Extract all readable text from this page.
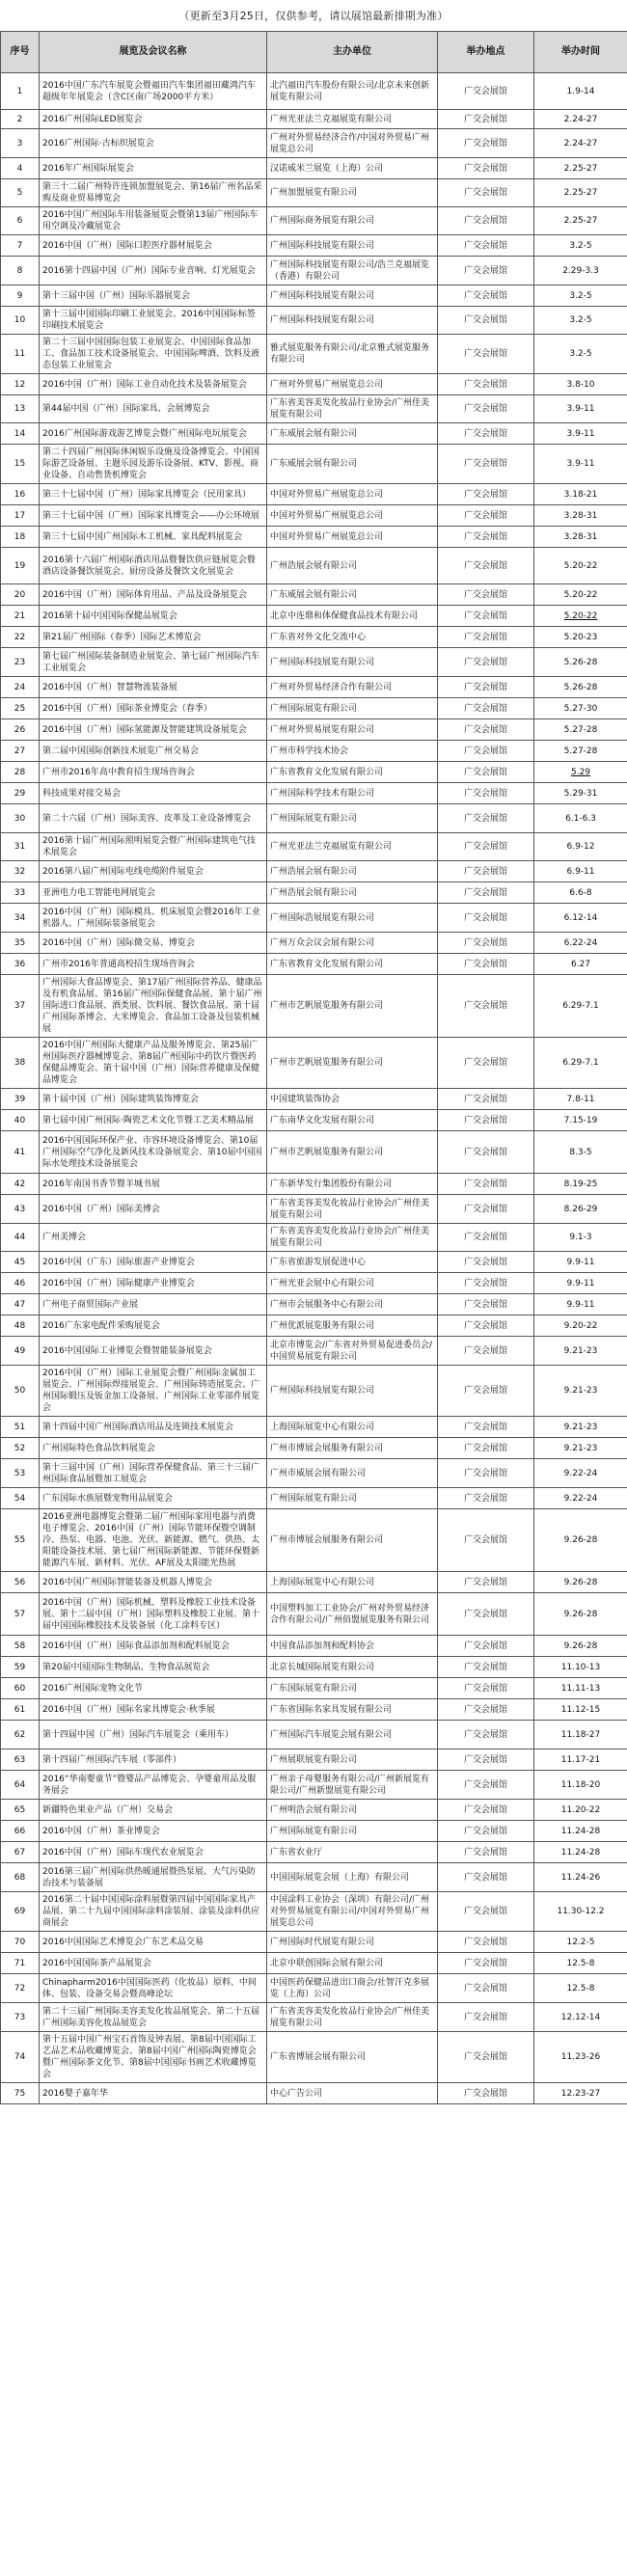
（更新至3月25日，仅供参考，请以展馆最新排期为准）
序号	展览及会议名称	主办单位	举办地点	举办时间
1	2016中国广东汽车展览会暨福田汽车集团福田藏鸿汽车超级年年展览会（含C区南广场2000平方米）	北汽福田汽车股份有限公司/北京未来创新展览有限公司	广交会展馆	1.9-14
2	2016广州国际LED展览会	广州光亚法兰克福展览有限公司	广交会展馆	2.24-27
3	2016广州国际·古标织展览会	广州对外贸易经济合作/中国对外贸易广州展览总公司	广交会展馆	2.24-27
4	2016年广州国际展览会	汉诺威米兰展览（上海）公司	广交会展馆	2.25-27
5	第三十二届广州特许连锁加盟展览会、第16届广州名品采购及商业贸易博览会	广州加盟展览有限公司	广交会展馆	2.25-27
6	2016中国广州国际车用装备展览会暨第13届广州国际车用空调及冷藏展览会	广州国际商务展览有限公司	广交会展馆	2.25-27
7	2016中国（广州）国际口腔医疗器材展览会	广州国际科技展览有限公司	广交会展馆	3.2-5
8	2016第十四届中国（广州）国际专业音响、灯光展览会	广州国际科技展览有限公司/浩兰克福展览（香港）有限公司	广交会展馆	2.29-3.3
9	第十三届中国（广州）国际乐器展览会	广州国际科技展览有限公司	广交会展馆	3.2-5
10	第十三届中国国际印刷工业展览会、2016中国国际标签印刷技术展览会	广州国际科技展览有限公司	广交会展馆	3.2-5
11	第二十三届中国国际包装工业展览会、中国国际食品加工、食品加工技术设备展览会、中国国际啤酒、饮料及液态包装工业展览会	雅式展览服务有限公司/北京雅式展览服务有限公司	广交会展馆	3.2-5
12	2016中国（广州）国际工业自动化技术及装备展览会	广州对外贸易广州展览总公司	广交会展馆	3.8-10
13	第44届中国（广州）国际家具、会展博览会	广东省美容美发化妆品行业协会/广州佳美展览有限公司	广交会展馆	3.9-11
14	2016广州国际游戏游艺博览会暨广州国际电玩展览会	广东威展会展有限公司	广交会展馆	3.9-11
15	第二十四届广州国际休闲娱乐设施及设备博览会、中国国际游艺设备展、主题乐园及游乐设备展、KTV、影视、商业设备、自动售货机博览会	广东威展会展有限公司	广交会展馆	3.9-11
16	第三十七届中国（广州）国际家具博览会（民用家具）	中国对外贸易广州展览总公司	广交会展馆	3.18-21
17	第三十七届中国（广州）国际家具博览会——办公环境展	中国对外贸易广州展览总公司	广交会展馆	3.28-31
18	第三十七届中国广州国际木工机械、家具配料展览会	中国对外贸易广州展览总公司	广交会展馆	3.28-31
19	2016第十六届广州国际酒店用品暨餐饮供应链展览会暨酒店设备餐饮展览会、厨房设备及餐饮文化展览会	广州浩展会展有限公司	广交会展馆	5.20-22
20	2016中国（广州）国际体育用品、产品及设备展览会	广东威展会展有限公司	广交会展馆	5.20-22
21	2016第十届中国国际保健品展览会	北京中连鼎和体保健食品技术有限公司	广交会展馆	5.20-22
22	第21届广州国际（春季）国际艺术博览会	广东省对外文化交流中心	广交会展馆	5.20-23
23	第七届广州国际装备制造业展览会、第七届广州国际汽车工业展览会	广州国际科技展览有限公司	广交会展馆	5.26-28
24	2016中国（广州）智慧物流装备展	广州对外贸易经济合作有限公司	广交会展馆	5.26-28
25	2016中国（广州）国际茶业博览会（春季）	广州国际展览有限公司	广交会展馆	5.27-30
26	2016中国（广州）国际氢能源及智能建筑设备展览会	广州对外贸易展览有限公司	广交会展馆	5.27-28
27	第二届中国国际创新技术展览广州交易会	广州市科学技术协会	广交会展馆	5.27-28
28	广州市2016年高中教育招生现场咨询会	广东省教育文化发展有限公司	广交会展馆	5.29
29	科技成果对接交易会	广州国际科学技术有限公司	广交会展馆	5.29-31
30	第二十六届（广州）国际美容、皮革及工业设备博览会	广州国际展览有限公司	广交会展馆	6.1-6.3
31	2016第十届广州国际照明展览会暨广州国际建筑电气技术展览会	广州光亚法兰克福展览有限公司	广交会展馆	6.9-12
32	2016第八届广州国际电线电缆附件展览会	广州浩展会展有限公司	广交会展馆	6.9-11
33	亚洲电力电工智能电网展览会	广州浩展会展有限公司	广交会展馆	6.6-8
34	2016中国（广州）国际模具、机床展览会暨2016年工业机器人、广州国际装备展览会	广州国际浩展展览有限公司	广交会展馆	6.12-14
35	2016中国（广州）国际微交易、博览会	广州万众会议会展有限公司	广交会展馆	6.22-24
36	广州市2016年普通高校招生现场咨询会	广东省教育文化发展有限公司	广交会展馆	6.27
37	广州国际大食品博览会、第17届广州国际营养品、健康品及有机食品展、第16届广州国际保健食品展、第十届广州国际进口食品展、酒类展、饮料展、餐饮食品展、第十届广州国际茶博会、大米博览会、食品加工设备及包装机械展	广州市艺帆展览服务有限公司	广交会展馆	6.29-7.1
38	2016中国广州国际大健康产品及服务博览会、第25届广州国际医疗器械博览会、第8届广州国际中药饮片暨医药保健品博览会、第十届中国（广州）国际营养健康及保健品博览会	广州市艺帆展览服务有限公司	广交会展馆	6.29-7.1
39	第十届中国（广州）国际建筑装饰博览会	中国建筑装饰协会	广交会展馆	7.8-11
40	第七届中国广州国际·陶瓷艺术文化节暨工艺美术精品展	广东南华文化发展有限公司	广交会展馆	7.15-19
41	2016中国国际环保产业、市容环境设备博览会、第10届广州国际空气净化及新风技术设备展览会、第10届中国国际水处理技术设备展览会	广州市艺帆展览服务有限公司	广交会展馆	8.3-5
42	2016年南国书香节暨羊城书展	广东新华发行集团股份有限公司	广交会展馆	8.19-25
43	2016中国（广州）国际美博会	广东省美容美发化妆品行业协会/广州佳美展览有限公司	广交会展馆	8.26-29
44	广州美博会	广东省美容美发化妆品行业协会/广州佳美展览有限公司	广交会展馆	9.1-3
45	2016中国（广东）国际旅游产业博览会	广东省旅游发展促进中心	广交会展馆	9.9-11
46	2016中国（广州）国际健康产业博览会	广州光亚会展中心有限公司	广交会展馆	9.9-11
47	广州电子商贸国际产业展	广州市会展服务中心有限公司	广交会展馆	9.9-11
48	2016广东家电配件采购展览会	广州优派展览服务有限公司	广交会展馆	9.20-22
49	2016中国国际工业博览会暨智能装备展览会	北京市博览会/广东省对外贸易促进委员会/中国贸易展览有限公司	广交会展馆	9.21-23
50	2016中国（广州）国际工业展览会暨广州国际金属加工展览会、广州国际焊接展览会、广州国际铸造展览会、广州国际锻压及钣金加工设备展、广州国际工业零部件展览会	广州国际科技展览有限公司	广交会展馆	9.21-23
51	第十四届中国广州国际酒店用品及连锁技术展览会	上海国际展览中心有限公司	广交会展馆	9.21-23
52	广州国际特色食品饮料展览会	广州市博展会展服务有限公司	广交会展馆	9.21-23
53	第十三届中国（广州）国际营养保健食品、第三十三届广州国际食品展暨加工展览会	广州市威展会展有限公司	广交会展馆	9.22-24
54	广东国际水族展暨宠物用品展览会	广州国际展览有限公司	广交会展馆	9.22-24
55	2016亚洲电器博览会暨第二届广州国际家用电器与消费电子博览会、2016中国（广州）国际节能环保暨空调制冷、热泵、电器、电池、光伏、新能源、燃气、供热、太阳能设备技术展、第七届广州国际新能源、节能环保暨新能源汽车展、新材料、光伏、AF展及太阳能光热展	广州市博展会展服务有限公司	广交会展馆	9.26-28
56	2016中国广州国际智能装备及机器人博览会	上海国际展览中心有限公司	广交会展馆	9.26-28
57	2016中国（广州）国际机械、塑料及橡胶工业技术设备展、第十二届中国（广州）国际塑料及橡胶工业展、第十届中国国际橡胶技术及装备展（化工涂料专区）	中国塑料加工工业协会/广州对外贸易经济合作有限公司/广州佰盟展览服务有限公司	广交会展馆	9.26-28
58	2016中国（广州）国际食品添加剂和配料展览会	中国食品添加剂和配料协会	广交会展馆	9.26-28
59	第20届中国国际生物制品、生物食品展览会	北京长城国际展览有限公司	广交会展馆	11.10-13
60	2016广州国际宠物文化节	广东国际展览有限公司	广交会展馆	11.11-13
61	2016中国（广州）国际名家具博览会·秋季展	广东省国际名家具发展有限公司	广交会展馆	11.12-15
62	第十四届中国（广州）国际汽车展览会（乘用车）	广州国际汽车展览会展有限公司	广交会展馆	11.18-27
63	第十四届广州国际汽车展（零部件）	广州展联展览有限公司	广交会展馆	11.17-21
64	2016“华南婴童节”暨婴品产品博览会、孕婴童用品及服务展会	广州亲子母婴服务有限公司/广州新展览有限公司/广州新盟展览有限公司	广交会展馆	11.18-20
65	新疆特色果业产品（广州）交易会	广州明浩会展有限公司	广交会展馆	11.20-22
66	2016中国（广州）茶业博览会	广州国际展览有限公司	广交会展馆	11.24-28
67	2016中国（广州）国际车现代农业展览会	广东省农业厅	广交会展馆	11.24-28
68	2016第三届广州国际供热暖通展暨热泵展、大气污染防治技术与装备展	中国国际展览会展（上海）有限公司	广交会展馆	11.24-26
69	2016第二十届中国国际涂料展暨第四届中国国际家具产品展、第二十九届中国国际涂料涂装展、涂装及涂料供应商展会	中国涂料工业协会（深圳）有限公司/广州对外贸易展览有限公司/中国对外贸易广州展览总公司	广交会展馆	11.30-12.2
70	2016中国国际艺术博览会广东艺术品交易	广州国际时代展览有限公司	广交会展馆	12.2-5
71	2016中国国际茶产品展览会	北京中联创国际会展有限公司	广交会展馆	12.5-8
72	Chinapharm2016中国国际医药（化妆品）原料、中间体、包装、设备交易会暨高峰论坛	中国医药保健品进出口商会/社智汗克多展览（上海）公司	广交会展馆	12.5-8
73	第二十三届广州国际美容美发化妆品展览会、第二十五届广州国际美容化妆品展览会	广东省美容美发化妆品行业协会/广州佳美展览有限公司	广交会展馆	12.12-14
74	第十五届中国广州宝石首饰及钟表展、第8届中国国际工艺品艺术品收藏博览会、第8届中国广州国际陶瓷博览会暨广州国际茶文化节、第8届中国国际书画艺术收藏博览会	广东省博展会展有限公司	广交会展馆	11.23-26
75	2016婴子嘉年华	中心广告公司	广交会展馆	12.23-27
